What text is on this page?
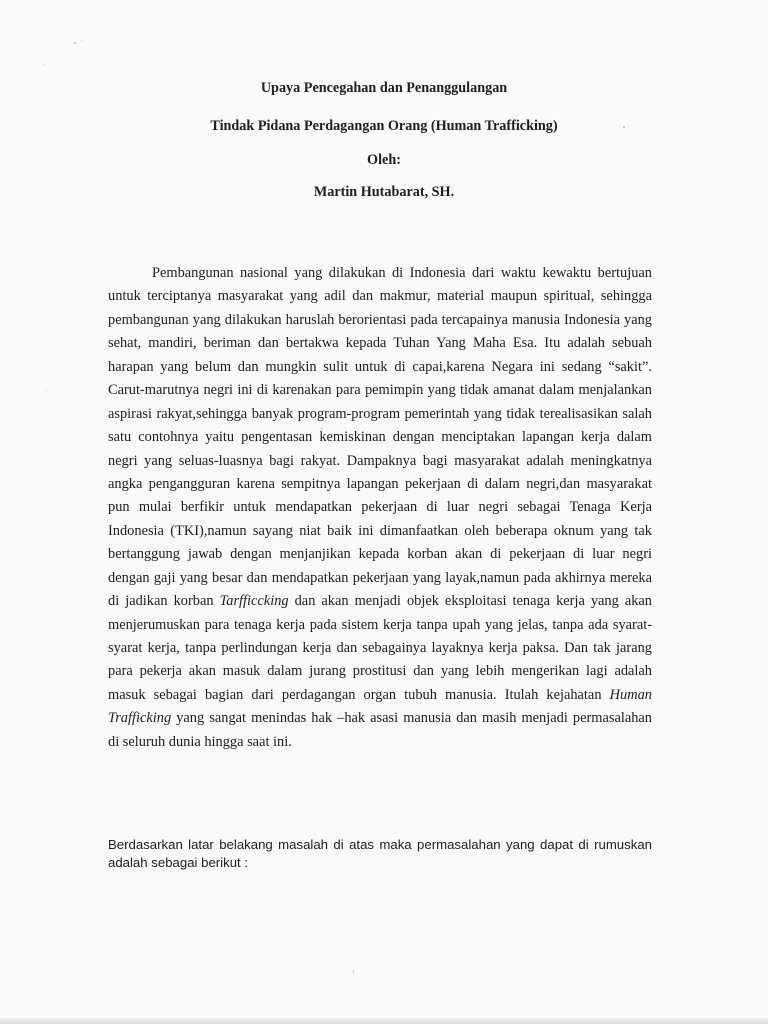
Upaya Pencegahan dan Penanggulangan
Tindak Pidana Perdagangan Orang (Human Trafficking)
Oleh:
Martin Hutabarat, SH.
Pembangunan nasional yang dilakukan di Indonesia dari waktu kewaktu bertujuan
untuk terciptanya masyarakat yang adil dan makmur, material maupun spiritual, sehingga
pembangunan yang dilakukan haruslah berorientasi pada tercapainya manusia Indonesia yang
sehat, mandiri, beriman dan bertakwa kepada Tuhan Yang Maha Esa. Itu adalah sebuah
harapan yang belum dan mungkin sulit untuk di capai,karena Negara ini sedang “sakit”.
Carut-marutnya negri ini di karenakan para pemimpin yang tidak amanat dalam menjalankan
aspirasi rakyat,sehingga banyak program-program pemerintah yang tidak terealisasikan salah
satu contohnya yaitu pengentasan kemiskinan dengan menciptakan lapangan kerja dalam
negri yang seluas-luasnya bagi rakyat. Dampaknya bagi masyarakat adalah meningkatnya
angka pengangguran karena sempitnya lapangan pekerjaan di dalam negri,dan masyarakat
pun mulai berfikir untuk mendapatkan pekerjaan di luar negri sebagai Tenaga Kerja
Indonesia (TKI),namun sayang niat baik ini dimanfaatkan oleh beberapa oknum yang tak
bertanggung jawab dengan menjanjikan kepada korban akan di pekerjaan di luar negri
dengan gaji yang besar dan mendapatkan pekerjaan yang layak,namun pada akhirnya mereka
di jadikan korban Tarfficcking dan akan menjadi objek eksploitasi tenaga kerja yang akan
menjerumuskan para tenaga kerja pada sistem kerja tanpa upah yang jelas, tanpa ada syarat-
syarat kerja, tanpa perlindungan kerja dan sebagainya layaknya kerja paksa. Dan tak jarang
para pekerja akan masuk dalam jurang prostitusi dan yang lebih mengerikan lagi adalah
masuk sebagai bagian dari perdagangan organ tubuh manusia. Itulah kejahatan Human
Trafficking yang sangat menindas hak –hak asasi manusia dan masih menjadi permasalahan
di seluruh dunia hingga saat ini.
Berdasarkan latar belakang masalah di atas maka permasalahan yang dapat di rumuskan
adalah sebagai berikut :
